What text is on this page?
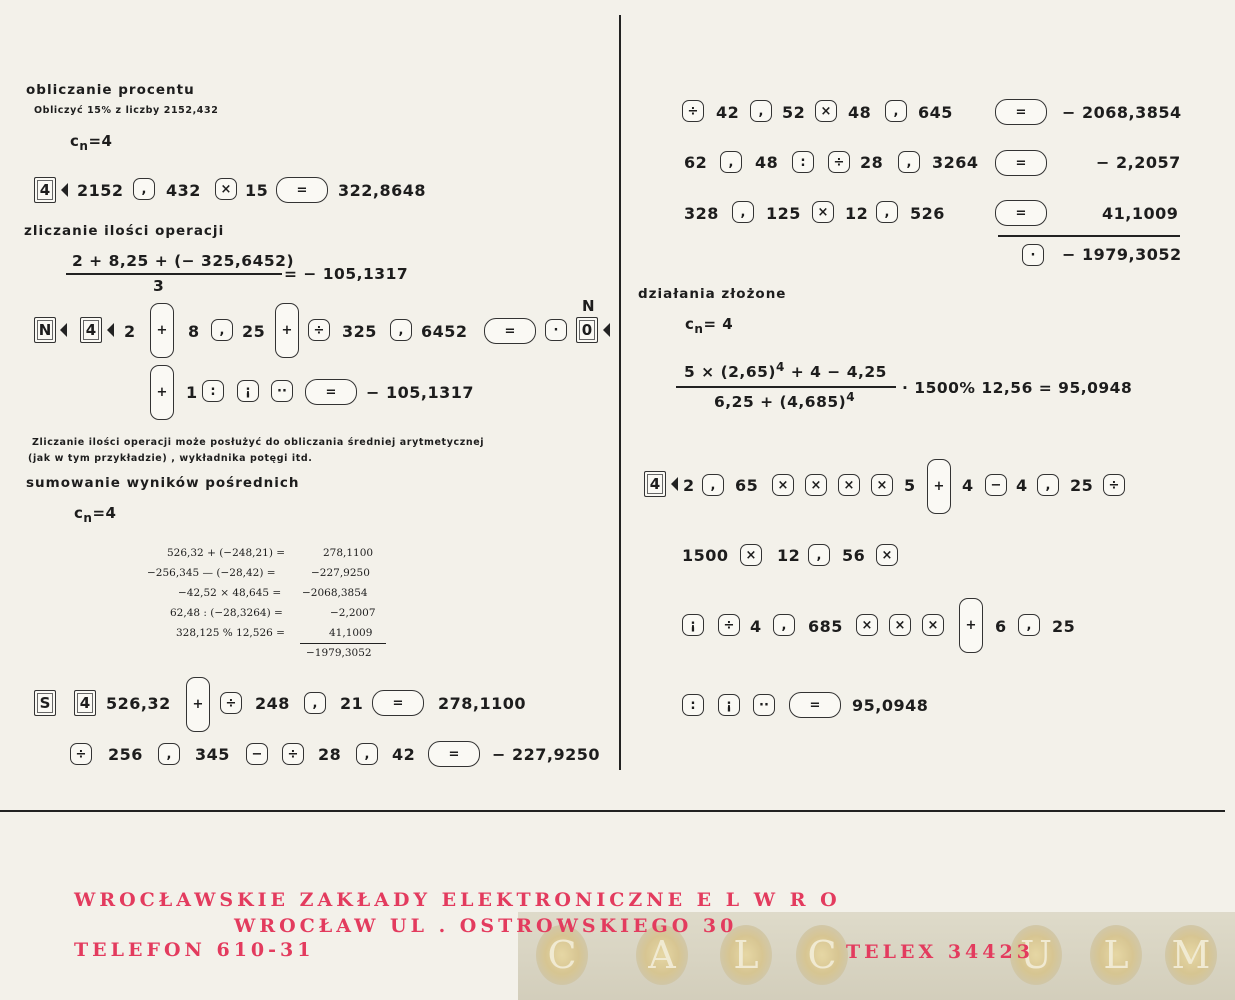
obliczanie procentu
Obliczyć 15% z liczby 2152,432
$c_n=4$
4	2152	,	432	× 15	=	322,8648
zliczanie ilości operacji
2 + 8,25 + (− 325,6452)
3
= − 105,1317
N	4	2	+	8	,	25	+	÷	325	,	6452	=	·
N
0
+	1 :	¡	··	=	− 105,1317
Zliczanie ilości operacji może posłużyć do obliczania średniej arytmetycznej
(jak w tym przykładzie) , wykładnika potęgi itd.
sumowanie wyników pośrednich
$c_n=4$
526,32 + (−248,21) =	278,1100
−256,345 — (−28,42) =	−227,9250
−42,52 × 48,645 = −2068,3854
62,48 : (−28,3264) =	−2,2007
328,125 % 12,526 =	41,1009
−1979,3052
S	4 526,32	+	÷	248	,	21	=	278,1100
÷	256	,	345	−	÷	28	,	42	=	− 227,9250
÷	42	,	52	×	48	,	645	=	− 2068,3854
62	,	48	:	÷ 28	,	3264	=	− 2,2057
328	,	125	×	12	,	526	=	41,1009
·	− 1979,3052
działania złożone
$c_n= 4$
$5 \times (2,65)^4 + 4 - 4,25$
$6,25 + (4,685)^4$	· 1500% 12,56 = 95,0948
4	2	,	65	×	×	×	×	5	+	4	− 4	,	25	÷
1500	×	12	,	56	×
¡	÷ 4	,	685	×	×	×	+	6	,	25
:	¡	··	=	95,0948
C	A	L	C	U	L	M
WROCŁAWSKIE ZAKŁADY ELEKTRONICZNE E L W R O
WROCŁAW UL . OSTROWSKIEGO 30
TELEFON 610-31	TELEX 34423
